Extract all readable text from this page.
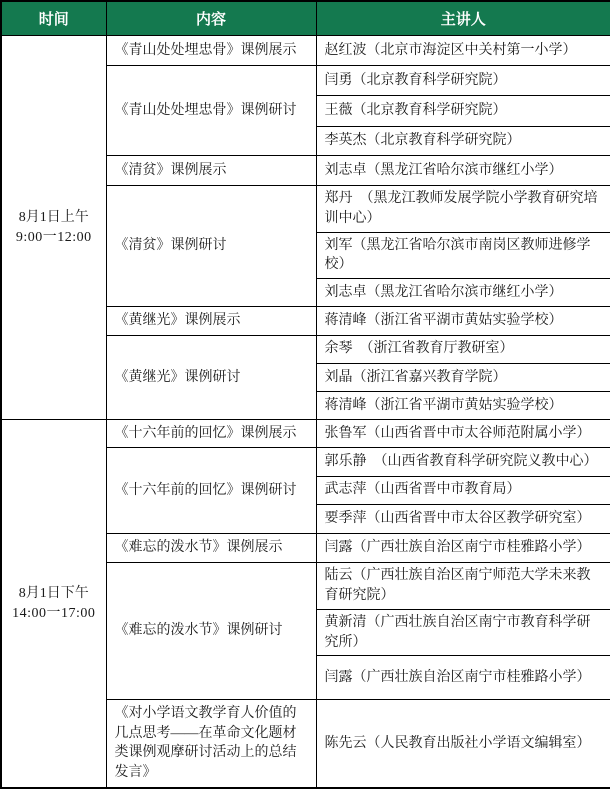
时间	内容	主讲人

8月1日上午
9:00一12:00	《青山处处埋忠骨》课例展示	赵红波（北京市海淀区中关村第一小学）
	《青山处处埋忠骨》课例研讨	闫勇（北京教育科学研究院）
		王薇（北京教育科学研究院）
		李英杰（北京教育科学研究院）
	《清贫》课例展示	刘志卓（黑龙江省哈尔滨市继红小学）
	《清贫》课例研讨	郑丹　（黑龙江教师发展学院小学教育研究培训中心）
		刘军（黑龙江省哈尔滨市南岗区教师进修学校）
		刘志卓（黑龙江省哈尔滨市继红小学）
	《黄继光》课例展示	蒋清峰（浙江省平湖市黄姑实验学校）
	《黄继光》课例研讨	余琴　（浙江省教育厅教研室）
		刘晶（浙江省嘉兴教育学院）
		蒋清峰（浙江省平湖市黄姑实验学校）

8月1日下午
14:00一17:00	《十六年前的回忆》课例展示	张鲁军（山西省晋中市太谷师范附属小学）
	《十六年前的回忆》课例研讨	郭乐静　（山西省教育科学研究院义教中心）
		武志萍（山西省晋中市教育局）
		要季萍（山西省晋中市太谷区教学研究室）
	《难忘的泼水节》课例展示	闫露（广西壮族自治区南宁市桂雅路小学）
	《难忘的泼水节》课例研讨	陆云（广西壮族自治区南宁师范大学未来教育研究院）
		黄新清（广西壮族自治区南宁市教育科学研究所）
		闫露（广西壮族自治区南宁市桂雅路小学）
	《对小学语文教学育人价值的几点思考——在革命文化题材类课例观摩研讨活动上的总结发言》	陈先云（人民教育出版社小学语文编辑室）
